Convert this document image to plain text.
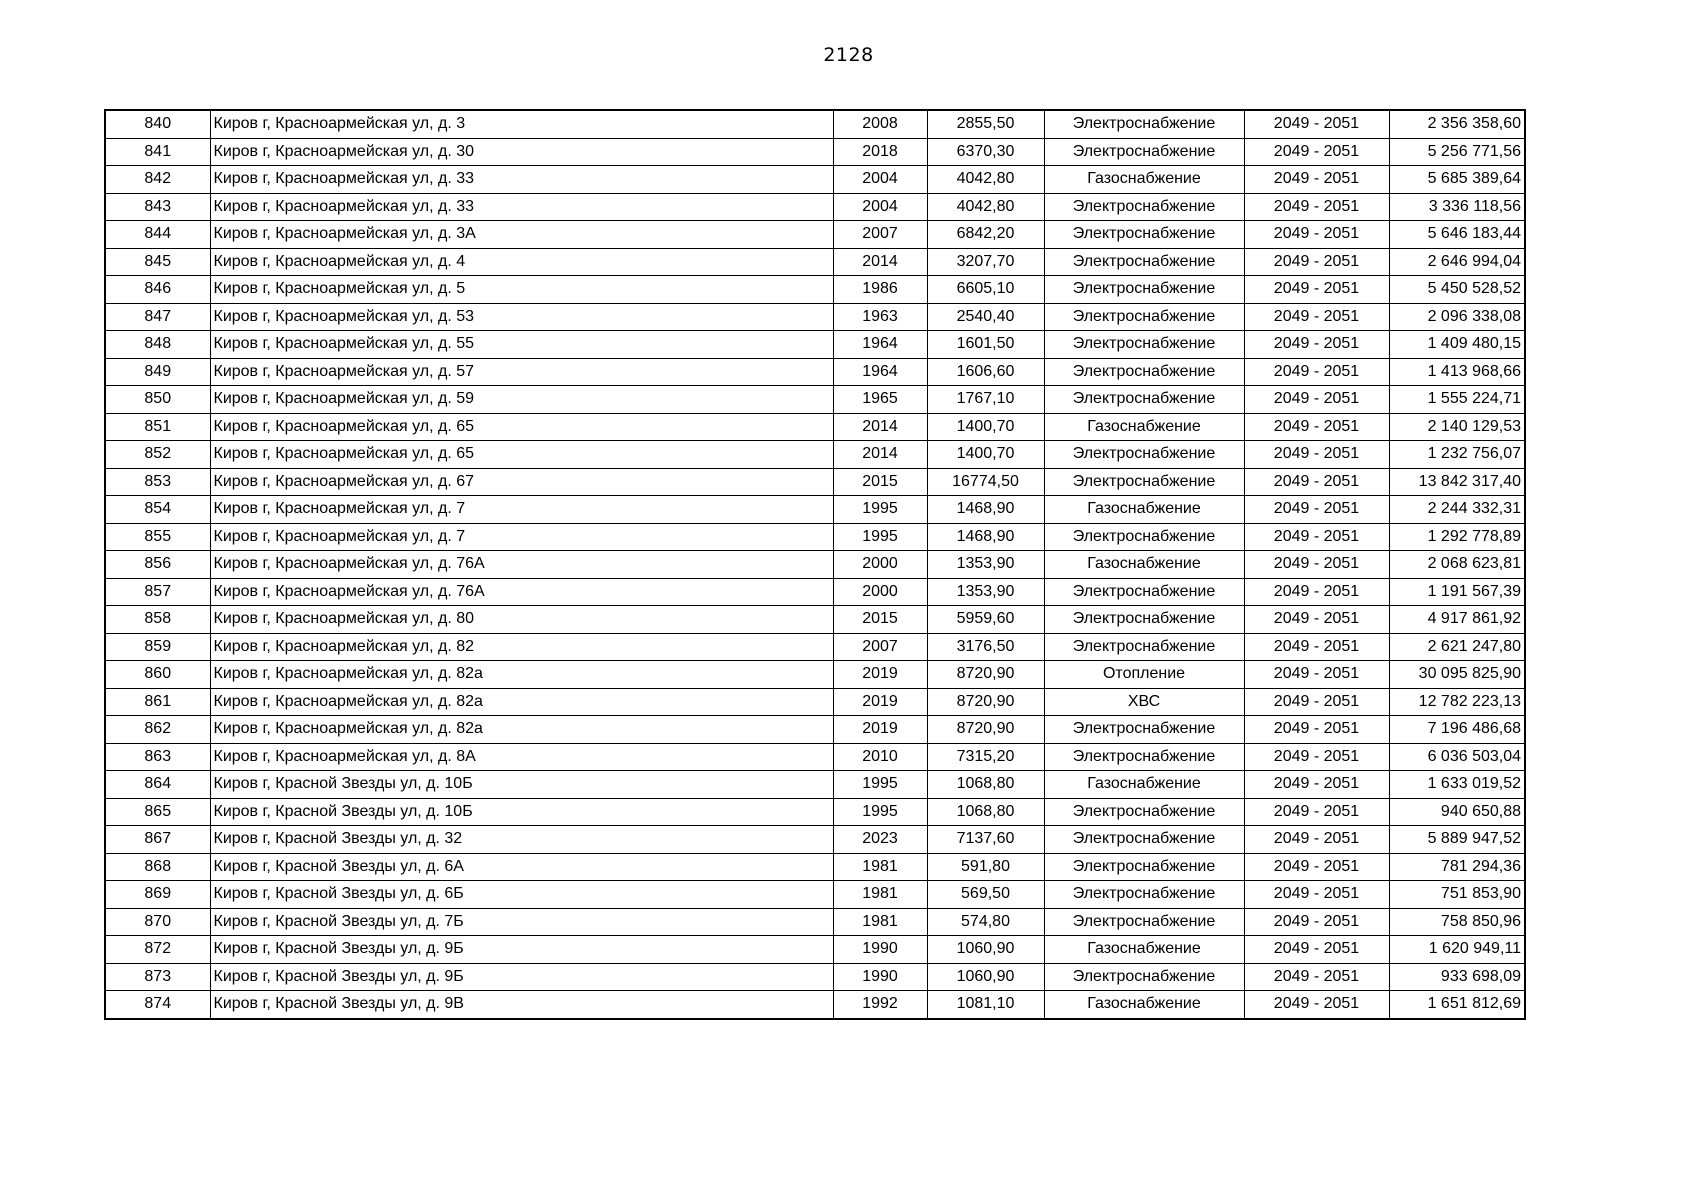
2128
840	Киров г, Красноармейская ул, д. 3	2008	2855,50	Электроснабжение	2049 - 2051	2 356 358,60
841	Киров г, Красноармейская ул, д. 30	2018	6370,30	Электроснабжение	2049 - 2051	5 256 771,56
842	Киров г, Красноармейская ул, д. 33	2004	4042,80	Газоснабжение	2049 - 2051	5 685 389,64
843	Киров г, Красноармейская ул, д. 33	2004	4042,80	Электроснабжение	2049 - 2051	3 336 118,56
844	Киров г, Красноармейская ул, д. 3А	2007	6842,20	Электроснабжение	2049 - 2051	5 646 183,44
845	Киров г, Красноармейская ул, д. 4	2014	3207,70	Электроснабжение	2049 - 2051	2 646 994,04
846	Киров г, Красноармейская ул, д. 5	1986	6605,10	Электроснабжение	2049 - 2051	5 450 528,52
847	Киров г, Красноармейская ул, д. 53	1963	2540,40	Электроснабжение	2049 - 2051	2 096 338,08
848	Киров г, Красноармейская ул, д. 55	1964	1601,50	Электроснабжение	2049 - 2051	1 409 480,15
849	Киров г, Красноармейская ул, д. 57	1964	1606,60	Электроснабжение	2049 - 2051	1 413 968,66
850	Киров г, Красноармейская ул, д. 59	1965	1767,10	Электроснабжение	2049 - 2051	1 555 224,71
851	Киров г, Красноармейская ул, д. 65	2014	1400,70	Газоснабжение	2049 - 2051	2 140 129,53
852	Киров г, Красноармейская ул, д. 65	2014	1400,70	Электроснабжение	2049 - 2051	1 232 756,07
853	Киров г, Красноармейская ул, д. 67	2015	16774,50	Электроснабжение	2049 - 2051	13 842 317,40
854	Киров г, Красноармейская ул, д. 7	1995	1468,90	Газоснабжение	2049 - 2051	2 244 332,31
855	Киров г, Красноармейская ул, д. 7	1995	1468,90	Электроснабжение	2049 - 2051	1 292 778,89
856	Киров г, Красноармейская ул, д. 76А	2000	1353,90	Газоснабжение	2049 - 2051	2 068 623,81
857	Киров г, Красноармейская ул, д. 76А	2000	1353,90	Электроснабжение	2049 - 2051	1 191 567,39
858	Киров г, Красноармейская ул, д. 80	2015	5959,60	Электроснабжение	2049 - 2051	4 917 861,92
859	Киров г, Красноармейская ул, д. 82	2007	3176,50	Электроснабжение	2049 - 2051	2 621 247,80
860	Киров г, Красноармейская ул, д. 82а	2019	8720,90	Отопление	2049 - 2051	30 095 825,90
861	Киров г, Красноармейская ул, д. 82а	2019	8720,90	ХВС	2049 - 2051	12 782 223,13
862	Киров г, Красноармейская ул, д. 82а	2019	8720,90	Электроснабжение	2049 - 2051	7 196 486,68
863	Киров г, Красноармейская ул, д. 8А	2010	7315,20	Электроснабжение	2049 - 2051	6 036 503,04
864	Киров г, Красной Звезды ул, д. 10Б	1995	1068,80	Газоснабжение	2049 - 2051	1 633 019,52
865	Киров г, Красной Звезды ул, д. 10Б	1995	1068,80	Электроснабжение	2049 - 2051	940 650,88
867	Киров г, Красной Звезды ул, д. 32	2023	7137,60	Электроснабжение	2049 - 2051	5 889 947,52
868	Киров г, Красной Звезды ул, д. 6А	1981	591,80	Электроснабжение	2049 - 2051	781 294,36
869	Киров г, Красной Звезды ул, д. 6Б	1981	569,50	Электроснабжение	2049 - 2051	751 853,90
870	Киров г, Красной Звезды ул, д. 7Б	1981	574,80	Электроснабжение	2049 - 2051	758 850,96
872	Киров г, Красной Звезды ул, д. 9Б	1990	1060,90	Газоснабжение	2049 - 2051	1 620 949,11
873	Киров г, Красной Звезды ул, д. 9Б	1990	1060,90	Электроснабжение	2049 - 2051	933 698,09
874	Киров г, Красной Звезды ул, д. 9В	1992	1081,10	Газоснабжение	2049 - 2051	1 651 812,69
